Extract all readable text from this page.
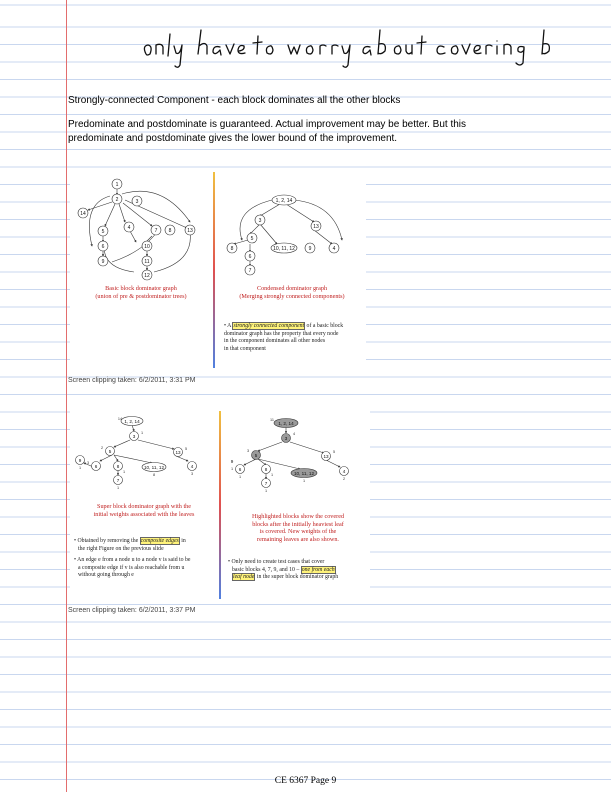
Strongly-connected Component - each block dominates all the other blocks
Predominate and postdominate is guaranteed. Actual improvement may be better. But this
predominate and postdominate gives the lower bound of the improvement.
1
2	3
14
4
5	7
6
8
10
13
9	11
12
Basic block dominator graph
(union of pre & postdominator trees)
1, 2, 14
3
5
13
4
8
7
6
10, 11, 12	9
Condensed dominator graph
(Merging strongly connected components)
• A strongly connected component of a basic block
dominator graph has the property that every node
in the component dominates all other nodes
in that component
Screen clipping taken: 6/2/2011, 3:31 PM
1, 2, 14
3
5	13
6	10, 11, 12	4
9
8
7
14
1
2	5
3
8	3
1
1
1
Super block dominator graph with the
initial weights associated with the leaves
• Obtained by removing the composite edges in
the right Figure on the previous slide
• An edge e from a node u to a node v is said to be
a composite edge if v is also reachable from u
without going through e
1, 2, 14
3
5	13
6
10, 11, 12	4
9
8
7
11
4
3	5
1
1	2
1
1
1
Highlighted blocks show the covered
blocks after the initially heaviest leaf
is covered. New weights of the
remaining leaves are also shown.
• Only need to create test cases that cover
basic blocks 4, 7, 9, and 10 – one from each
leaf node in the super block dominator graph
Screen clipping taken: 6/2/2011, 3:37 PM
CE 6367 Page 9
